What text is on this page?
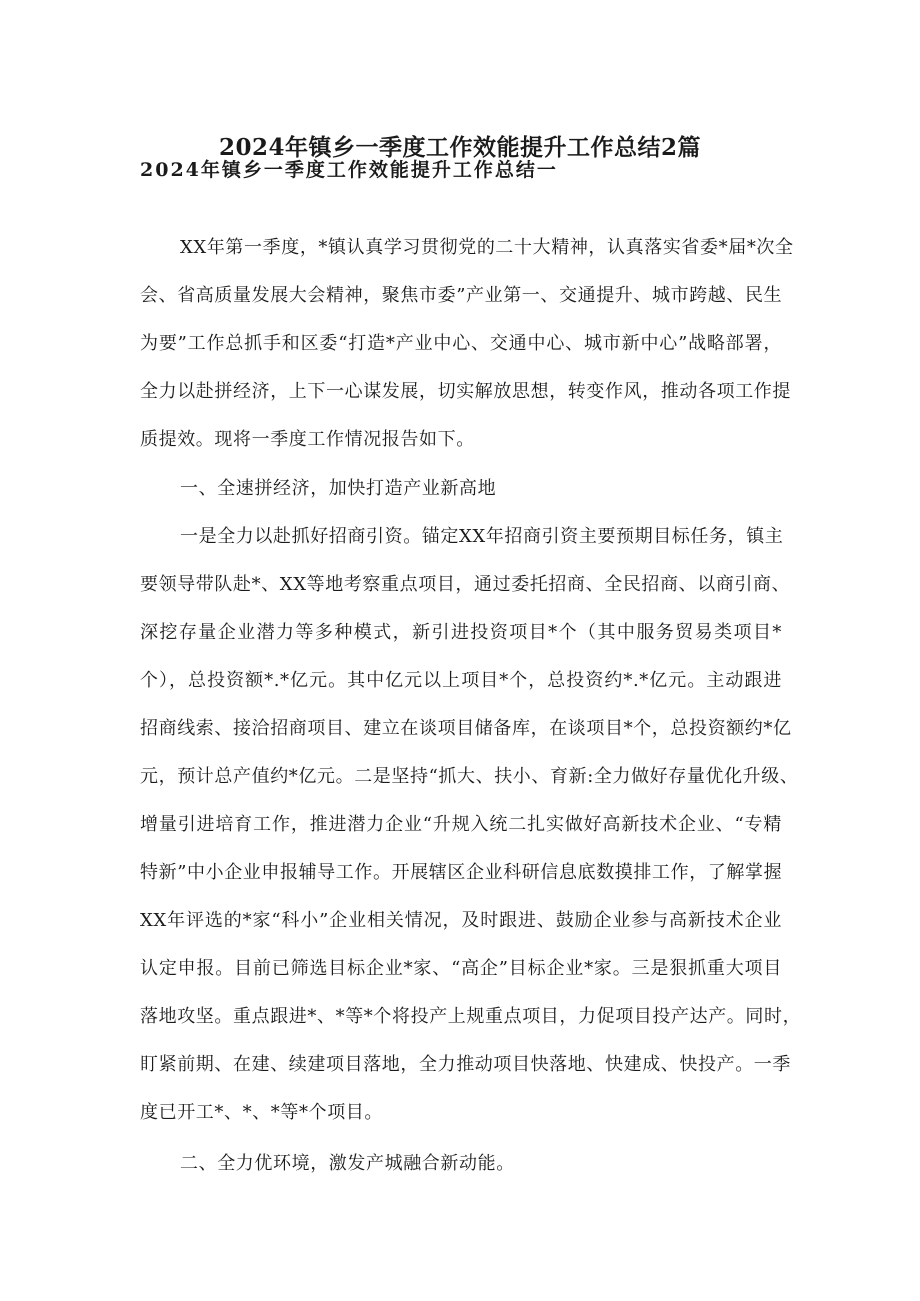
2024年镇乡一季度工作效能提升工作总结2篇
2024年镇乡一季度工作效能提升工作总结一
XX年第一季度，*镇认真学习贯彻党的二十大精神，认真落实省委*届*次全
会、省高质量发展大会精神，聚焦市委”产业第一、交通提升、城市跨越、民生
为要”工作总抓手和区委“打造*产业中心、交通中心、城市新中心”战略部署，
全力以赴拼经济，上下一心谋发展，切实解放思想，转变作风，推动各项工作提
质提效。现将一季度工作情况报告如下。
一、全速拼经济，加快打造产业新高地
一是全力以赴抓好招商引资。锚定XX年招商引资主要预期目标任务，镇主
要领导带队赴*、XX等地考察重点项目，通过委托招商、全民招商、以商引商、
深挖存量企业潜力等多种模式，新引进投资项目*个（其中服务贸易类项目*
个），总投资额*.*亿元。其中亿元以上项目*个，总投资约*.*亿元。主动跟进
招商线索、接洽招商项目、建立在谈项目储备库，在谈项目*个，总投资额约*亿
元，预计总产值约*亿元。二是坚持“抓大、扶小、育新:全力做好存量优化升级、
增量引进培育工作，推进潜力企业“升规入统二扎实做好高新技术企业、“专精
特新”中小企业申报辅导工作。开展辖区企业科研信息底数摸排工作，了解掌握
XX年评选的*家“科小”企业相关情况，及时跟进、鼓励企业参与高新技术企业
认定申报。目前已筛选目标企业*家、“高企”目标企业*家。三是狠抓重大项目
落地攻坚。重点跟进*、*等*个将投产上规重点项目，力促项目投产达产。同时，
盯紧前期、在建、续建项目落地，全力推动项目快落地、快建成、快投产。一季
度已开工*、*、*等*个项目。
二、全力优环境，激发产城融合新动能。
